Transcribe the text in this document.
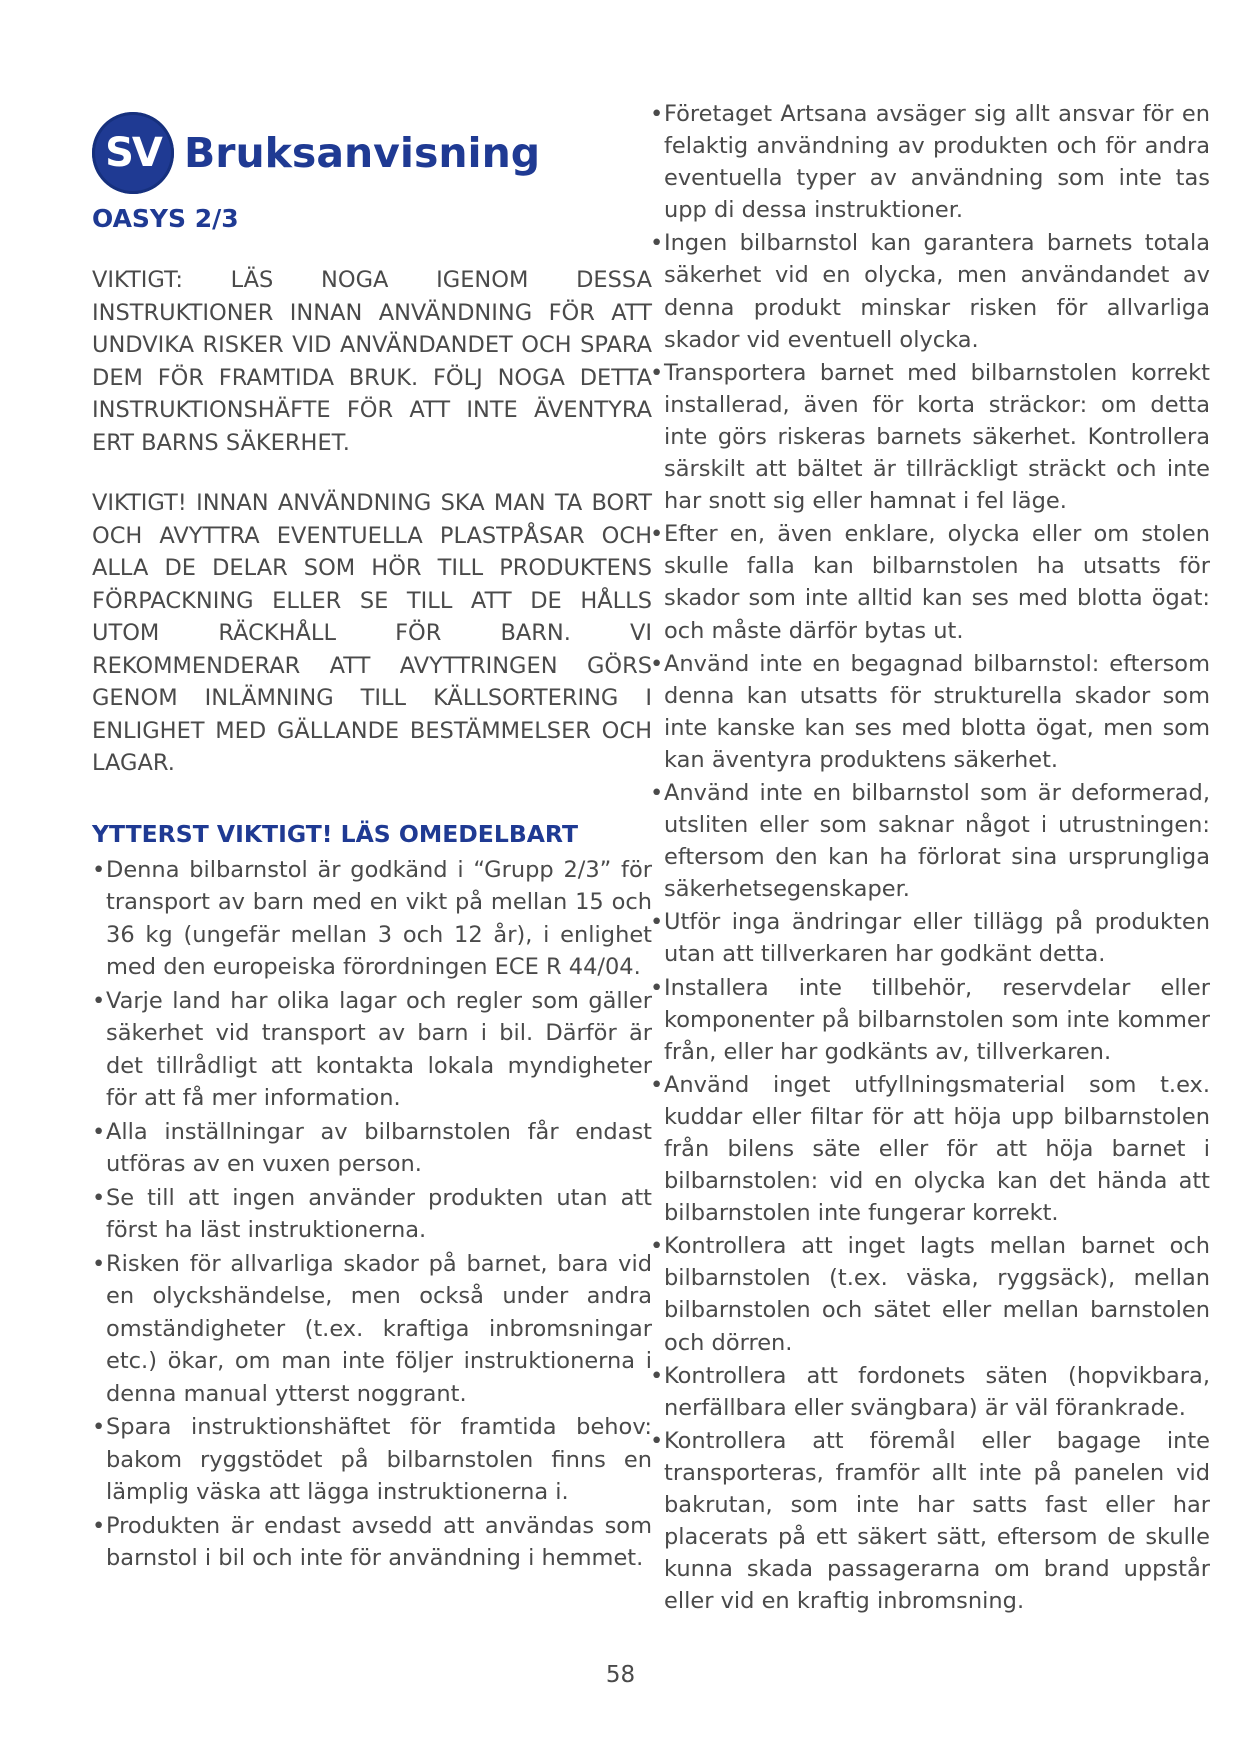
SV Bruksanvisning
OASYS 2/3

VIKTIGT: LÄS NOGA IGENOM DESSA INSTRUKTIONER INNAN ANVÄNDNING FÖR ATT UNDVIKA RISKER VID ANVÄNDANDET OCH SPARA DEM FÖR FRAMTIDA BRUK. FÖLJ NOGA DETTA INSTRUKTIONSHÄFTE FÖR ATT INTE ÄVENTYRA ERT BARNS SÄKERHET.

VIKTIGT! INNAN ANVÄNDNING SKA MAN TA BORT OCH AVYTTRA EVENTUELLA PLASTPÅSAR OCH ALLA DE DELAR SOM HÖR TILL PRODUKTENS FÖRPACKNING ELLER SE TILL ATT DE HÅLLS UTOM RÄCKHÅLL FÖR BARN. VI REKOMMENDERAR ATT AVYTTRINGEN GÖRS GENOM INLÄMNING TILL KÄLLSORTERING I ENLIGHET MED GÄLLANDE BESTÄMMELSER OCH LAGAR.

YTTERST VIKTIGT! LÄS OMEDELBART
• Denna bilbarnstol är godkänd i “Grupp 2/3” för transport av barn med en vikt på mellan 15 och 36 kg (ungefär mellan 3 och 12 år), i enlighet med den europeiska förordningen ECE R 44/04.
• Varje land har olika lagar och regler som gäller säkerhet vid transport av barn i bil. Därför är det tillrådligt att kontakta lokala myndigheter för att få mer information.
• Alla inställningar av bilbarnstolen får endast utföras av en vuxen person.
• Se till att ingen använder produkten utan att först ha läst instruktionerna.
• Risken för allvarliga skador på barnet, bara vid en olyckshändelse, men också under andra omständigheter (t.ex. kraftiga inbromsningar etc.) ökar, om man inte följer instruktionerna i denna manual ytterst noggrant.
• Spara instruktionshäftet för framtida behov: bakom ryggstödet på bilbarnstolen finns en lämplig väska att lägga instruktionerna i.
• Produkten är endast avsedd att användas som barnstol i bil och inte för användning i hemmet.
• Företaget Artsana avsäger sig allt ansvar för en felaktig användning av produkten och för andra eventuella typer av användning som inte tas upp di dessa instruktioner.
• Ingen bilbarnstol kan garantera barnets totala säkerhet vid en olycka, men användandet av denna produkt minskar risken för allvarliga skador vid eventuell olycka.
• Transportera barnet med bilbarnstolen korrekt installerad, även för korta sträckor: om detta inte görs riskeras barnets säkerhet. Kontrollera särskilt att bältet är tillräckligt sträckt och inte har snott sig eller hamnat i fel läge.
• Efter en, även enklare, olycka eller om stolen skulle falla kan bilbarnstolen ha utsatts för skador som inte alltid kan ses med blotta ögat: och måste därför bytas ut.
• Använd inte en begagnad bilbarnstol: eftersom denna kan utsatts för strukturella skador som inte kanske kan ses med blotta ögat, men som kan äventyra produktens säkerhet.
• Använd inte en bilbarnstol som är deformerad, utsliten eller som saknar något i utrustningen: eftersom den kan ha förlorat sina ursprungliga säkerhetsegenskaper.
• Utför inga ändringar eller tillägg på produkten utan att tillverkaren har godkänt detta.
• Installera inte tillbehör, reservdelar eller komponenter på bilbarnstolen som inte kommer från, eller har godkänts av, tillverkaren.
• Använd inget utfyllningsmaterial som t.ex. kuddar eller filtar för att höja upp bilbarnstolen från bilens säte eller för att höja barnet i bilbarnstolen: vid en olycka kan det hända att bilbarnstolen inte fungerar korrekt.
• Kontrollera att inget lagts mellan barnet och bilbarnstolen (t.ex. väska, ryggsäck), mellan bilbarnstolen och sätet eller mellan barnstolen och dörren.
• Kontrollera att fordonets säten (hopvikbara, nerfällbara eller svängbara) är väl förankrade.
• Kontrollera att föremål eller bagage inte transporteras, framför allt inte på panelen vid bakrutan, som inte har satts fast eller har placerats på ett säkert sätt, eftersom de skulle kunna skada passagerarna om brand uppstår eller vid en kraftig inbromsning.
58
